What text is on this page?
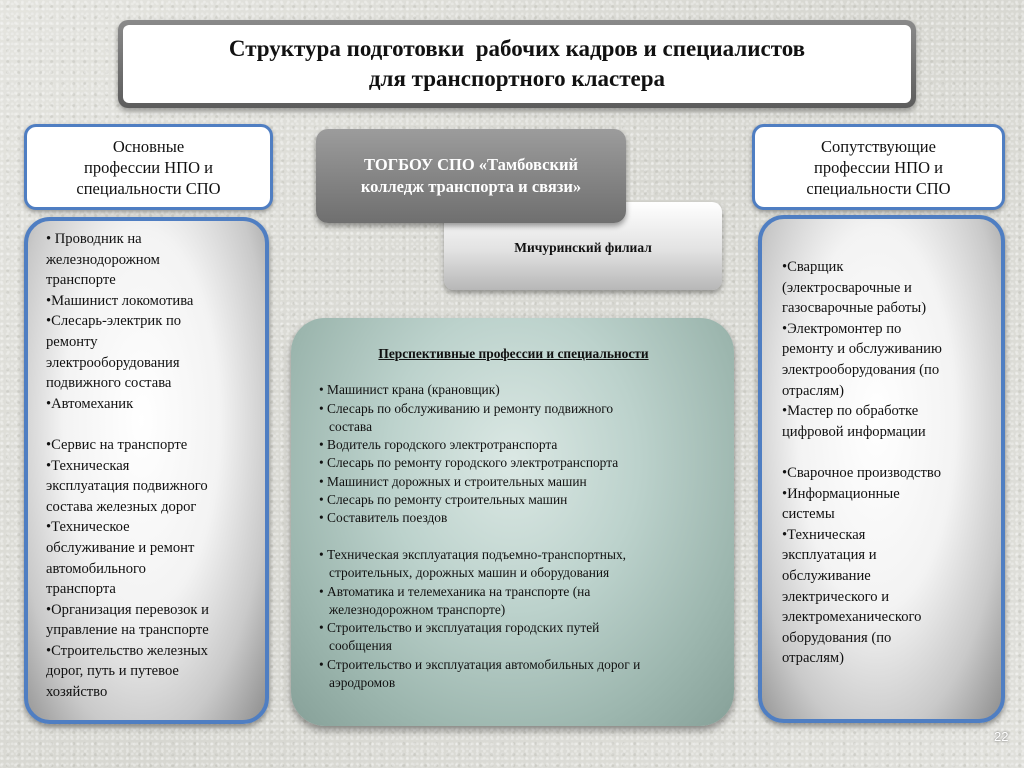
Структура подготовки  рабочих кадров и специалистов
для транспортного кластера
Основные
профессии НПО и
специальности СПО
Сопутствующие
профессии НПО и
специальности СПО
ТОГБОУ СПО «Тамбовский
колледж транспорта и связи»
Мичуринский филиал

• Проводник на

железнодорожном

транспорте

•Машинист локомотива

•Слесарь-электрик по

ремонту

электрооборудования

подвижного состава

•Автомеханик

•Сервис на транспорте

•Техническая

эксплуатация подвижного

состава железных дорог

•Техническое

обслуживание и ремонт

автомобильного

транспорта

•Организация перевозок и

управление на транспорте

•Строительство железных

дорог, путь и путевое

хозяйство

Перспективные профессии и специальности

• Машинист крана (крановщик)

• Слесарь по обслуживанию и ремонту подвижного

состава

• Водитель городского электротранспорта

• Слесарь по ремонту городского электротранспорта

• Машинист дорожных и строительных машин

• Слесарь по ремонту строительных машин

• Составитель поездов

• Техническая эксплуатация подъемно-транспортных,

строительных, дорожных машин и оборудования

• Автоматика и телемеханика на транспорте (на

железнодорожном транспорте)

• Строительство и эксплуатация городских путей

сообщения

• Строительство и эксплуатация автомобильных дорог и

аэродромов

•Сварщик

(электросварочные и

газосварочные работы)

•Электромонтер по

ремонту и обслуживанию

электрооборудования (по

отраслям)

•Мастер по обработке

цифровой информации

•Сварочное производство

•Информационные

системы

•Техническая

эксплуатация и

обслуживание

электрического и

электромеханического

оборудования (по

отраслям)

22
